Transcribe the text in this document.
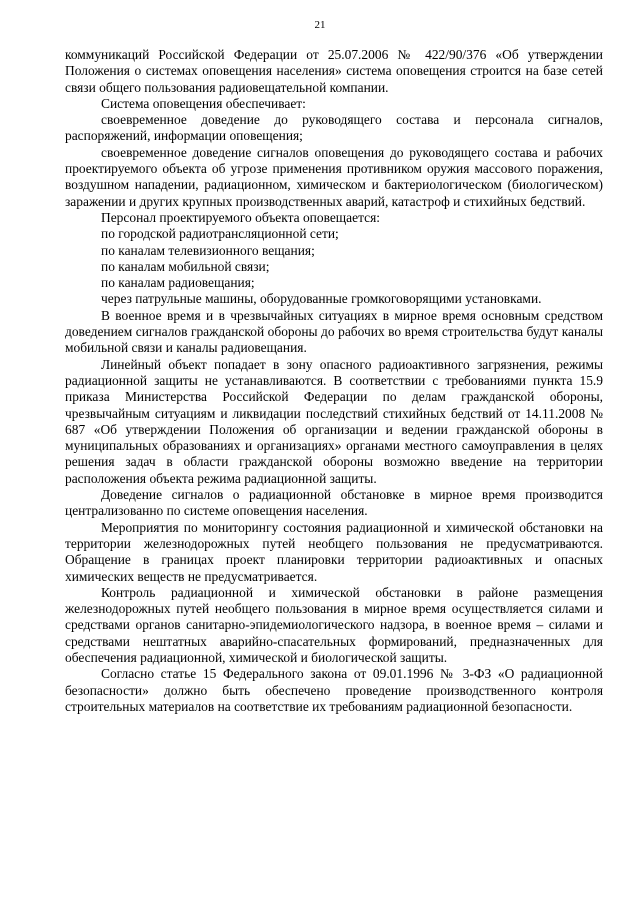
21

коммуникаций Российской Федерации от 25.07.2006 № 422/90/376 «Об утверждении Положения о системах оповещения населения» система оповещения строится на базе сетей связи общего пользования радиовещательной компании.

Система оповещения обеспечивает:

своевременное доведение до руководящего состава и персонала сигналов, распоряжений, информации оповещения;

своевременное доведение сигналов оповещения до руководящего состава и рабочих проектируемого объекта об угрозе применения противником оружия массового поражения, воздушном нападении, радиационном, химическом и бактериологическом (биологическом) заражении и других крупных производственных аварий, катастроф и стихийных бедствий.

Персонал проектируемого объекта оповещается:

по городской радиотрансляционной сети;

по каналам телевизионного вещания;

по каналам мобильной связи;

по каналам радиовещания;

через патрульные машины, оборудованные громкоговорящими установками.

В военное время и в чрезвычайных ситуациях в мирное время основным средством доведением сигналов гражданской обороны до рабочих во время строительства будут каналы мобильной связи и каналы радиовещания.

Линейный объект попадает в зону опасного радиоактивного загрязнения, режимы радиационной защиты не устанавливаются. В соответствии с требованиями пункта 15.9 приказа Министерства Российской Федерации по делам гражданской обороны, чрезвычайным ситуациям и ликвидации последствий стихийных бедствий от 14.11.2008 № 687 «Об утверждении Положения об организации и ведении гражданской обороны в муниципальных образованиях и организациях» органами местного самоуправления в целях решения задач в области гражданской обороны возможно введение на территории расположения объекта режима радиационной защиты.

Доведение сигналов о радиационной обстановке в мирное время производится централизованно по системе оповещения населения.

Мероприятия по мониторингу состояния радиационной и химической обстановки на территории железнодорожных путей необщего пользования не предусматриваются. Обращение в границах проект планировки территории радиоактивных и опасных химических веществ не предусматривается.

Контроль радиационной и химической обстановки в районе размещения железнодорожных путей необщего пользования в мирное время осуществляется силами и средствами органов санитарно-эпидемиологического надзора, в военное время – силами и средствами нештатных аварийно-спасательных формирований, предназначенных для обеспечения радиационной, химической и биологической защиты.

Согласно статье 15 Федерального закона от 09.01.1996 № 3-ФЗ «О радиационной безопасности» должно быть обеспечено проведение производственного контроля строительных материалов на соответствие их требованиям радиационной безопасности.
